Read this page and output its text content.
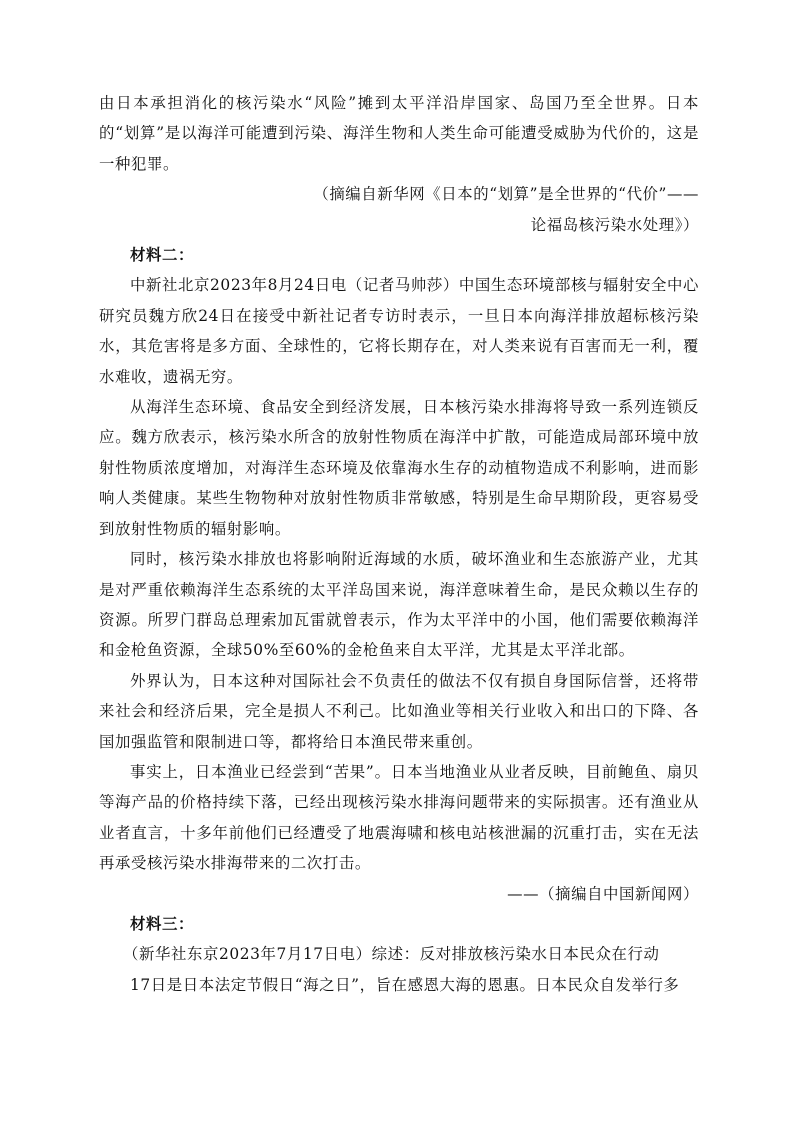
由日本承担消化的核污染水“风险”摊到太平洋沿岸国家、岛国乃至全世界。日本的“划算”是以海洋可能遭到污染、海洋生物和人类生命可能遭受威胁为代价的，这是一种犯罪。

（摘编自新华网《日本的“划算”是全世界的“代价”——

论福岛核污染水处理》）

材料二：

中新社北京2023年8月24日电（记者马帅莎）中国生态环境部核与辐射安全中心研究员魏方欣24日在接受中新社记者专访时表示，一旦日本向海洋排放超标核污染水，其危害将是多方面、全球性的，它将长期存在，对人类来说有百害而无一利，覆水难收，遗祸无穷。

从海洋生态环境、食品安全到经济发展，日本核污染水排海将导致一系列连锁反应。魏方欣表示，核污染水所含的放射性物质在海洋中扩散，可能造成局部环境中放射性物质浓度增加，对海洋生态环境及依靠海水生存的动植物造成不利影响，进而影响人类健康。某些生物物种对放射性物质非常敏感，特别是生命早期阶段，更容易受到放射性物质的辐射影响。

同时，核污染水排放也将影响附近海域的水质，破坏渔业和生态旅游产业，尤其是对严重依赖海洋生态系统的太平洋岛国来说，海洋意味着生命，是民众赖以生存的资源。所罗门群岛总理索加瓦雷就曾表示，作为太平洋中的小国，他们需要依赖海洋和金枪鱼资源，全球50%至60%的金枪鱼来自太平洋，尤其是太平洋北部。

外界认为，日本这种对国际社会不负责任的做法不仅有损自身国际信誉，还将带来社会和经济后果，完全是损人不利己。比如渔业等相关行业收入和出口的下降、各国加强监管和限制进口等，都将给日本渔民带来重创。

事实上，日本渔业已经尝到“苦果”。日本当地渔业从业者反映，目前鲍鱼、扇贝等海产品的价格持续下落，已经出现核污染水排海问题带来的实际损害。还有渔业从业者直言，十多年前他们已经遭受了地震海啸和核电站核泄漏的沉重打击，实在无法再承受核污染水排海带来的二次打击。

——（摘编自中国新闻网）

材料三：

（新华社东京2023年7月17日电）综述：反对排放核污染水日本民众在行动

17日是日本法定节假日“海之日”，旨在感恩大海的恩惠。日本民众自发举行多
